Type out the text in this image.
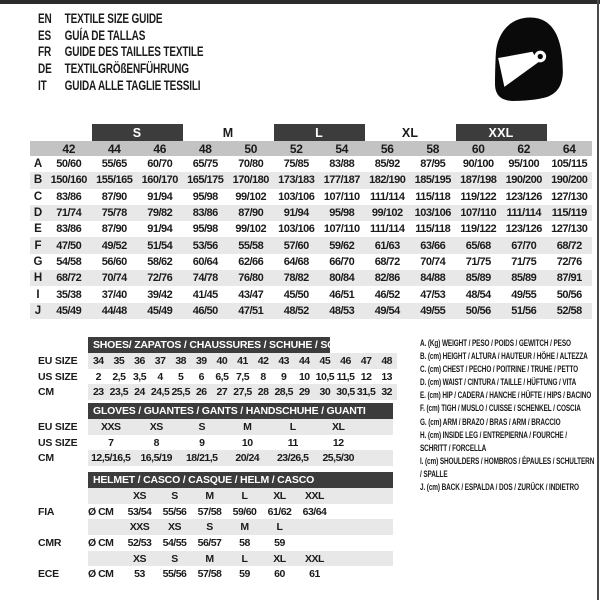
EN TEXTILE SIZE GUIDE
ES	GUÍA DE TALLAS
FR	GUIDE DES TAILLES TEXTILE
DE TEXTILGRÖßENFÜHRUNG
IT	GUIDA ALLE TAGLIE TESSILI
S	M	L	XL	XXL
42	44	46	48	50	52	54	56	58	60	62	64
A	50/60	55/65	60/70	65/75	70/80	75/85	83/88	85/92	87/95	90/100	95/100	105/115
B 150/160 155/165 160/170 165/175 170/180 173/183 177/187 182/190 185/195 187/198 190/200 190/200
C	83/86	87/90	91/94	95/98	99/102	103/106 107/110 111/114 115/118 119/122 123/126 127/130
D	71/74	75/78	79/82	83/86	87/90	91/94	95/98	99/102	103/106 107/110 111/114 115/119
E	83/86	87/90	91/94	95/98	99/102	103/106 107/110 111/114 115/118 119/122 123/126 127/130
F	47/50	49/52	51/54	53/56	55/58	57/60	59/62	61/63	63/66	65/68	67/70	68/72
G	54/58	56/60	58/62	60/64	62/66	64/68	66/70	68/72	70/74	71/75	71/75	72/76
H	68/72	70/74	72/76	74/78	76/80	78/82	80/84	82/86	84/88	85/89	85/89	87/91
I	35/38	37/40	39/42	41/45	43/47	45/50	46/51	46/52	47/53	48/54	49/55	50/56
J	45/49	44/48	45/49	46/50	47/51	48/52	48/53	49/54	49/55	50/56	51/56	52/58
SHOES/ ZAPATOS / CHAUSSURES / SCHUHE / SCARPE
EU SIZE	34 35 36 37 38 39 40 41 42 43 44 45 46 47 48
US SIZE	2	2,5 3,5	4	5	6	6,5 7,5	8	9	10 10,5 11,5 12 13
CM	23 23,5 24 24,5 25,5 26 27 27,5 28 28,5 29 30 30,5 31,5 32
GLOVES / GUANTES / GANTS / HANDSCHUHE / GUANTI
EU SIZE	XXS	XS	S	M	L	XL
US SIZE	7	8	9	10	11	12
CM	12,5/16,5 16,5/19	18/21,5	20/24	23/26,5	25,5/30
HELMET / CASCO / CASQUE / HELM / CASCO
XS	S	M	L	XL	XXL
FIA	Ø CM	53/54	55/56	57/58	59/60	61/62	63/64
XXS	XS	S	M	L
CMR	Ø CM	52/53	54/55	56/57	58	59
XS	S	M	L	XL	XXL
ECE	Ø CM	53	55/56	57/58	59	60	61
A. (Kg) WEIGHT / PESO / POIDS / GEWITCH / PESO
B. (cm) HEIGHT / ALTURA / HAUTEUR / HÖHE / ALTEZZA
C. (cm) CHEST / PECHO / POITRINE / TRUHE / PETTO
D. (cm) WAIST / CINTURA / TAILLE / HÜFTUNG / VITA
E. (cm) HIP / CADERA / HANCHE / HÜFTE / HIPS / BACINO
F. (cm) TIGH / MUSLO / CUISSE / SCHENKEL / COSCIA
G. (cm) ARM / BRAZO / BRAS / ARM / BRACCIO
H. (cm) INSIDE LEG / ENTREPIERNA / FOURCHE / SCHRITT / FORCELLA
I. (cm) SHOULDERS / HOMBROS / ÉPAULES / SCHULTERN / SPALLE
J. (cm) BACK / ESPALDA / DOS / ZURÜCK / INDIETRO
